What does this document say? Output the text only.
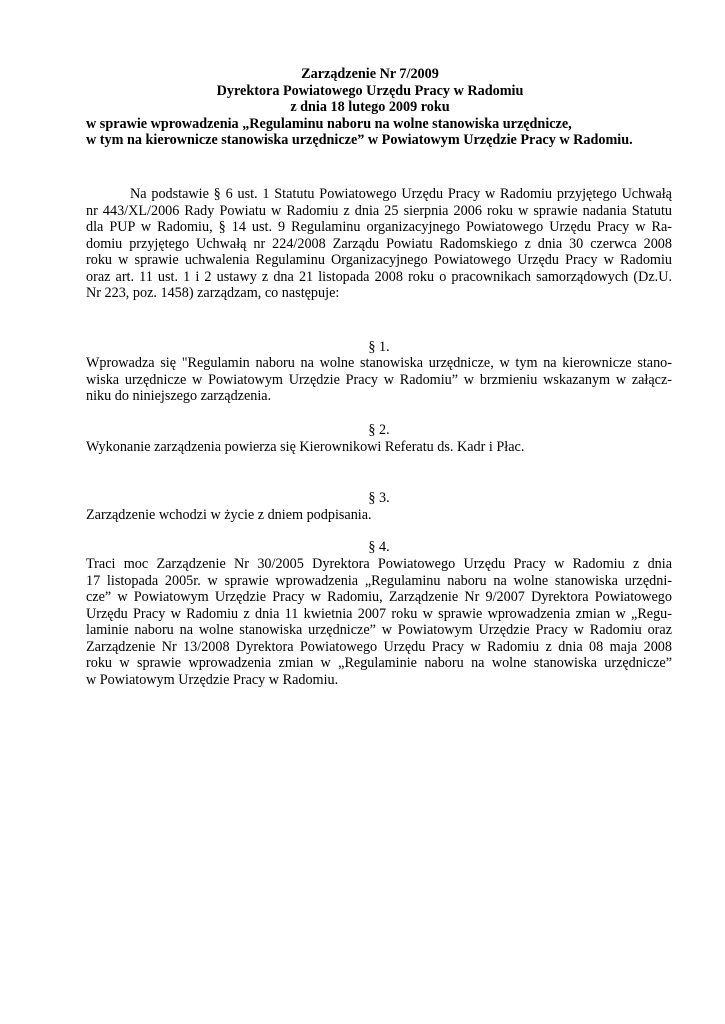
Zarządzenie Nr 7/2009
Dyrektora Powiatowego Urzędu Pracy w Radomiu
z dnia 18 lutego 2009 roku
w sprawie wprowadzenia „Regulaminu naboru na wolne stanowiska urzędnicze,
w tym na kierownicze stanowiska urzędnicze” w Powiatowym Urzędzie Pracy w Radomiu.
Na podstawie § 6 ust. 1 Statutu Powiatowego Urzędu Pracy w Radomiu przyjętego Uchwałą
nr 443/XL/2006 Rady Powiatu w Radomiu z dnia 25 sierpnia 2006 roku w sprawie nadania Statutu
dla PUP w Radomiu, § 14 ust. 9 Regulaminu organizacyjnego Powiatowego Urzędu Pracy w Ra-
domiu przyjętego Uchwałą nr 224/2008 Zarządu Powiatu Radomskiego z dnia 30 czerwca 2008
roku w sprawie uchwalenia Regulaminu Organizacyjnego Powiatowego Urzędu Pracy w Radomiu
oraz art. 11 ust. 1 i 2 ustawy z dna 21 listopada 2008 roku o pracownikach samorządowych (Dz.U.
Nr 223, poz. 1458) zarządzam, co następuje:
§ 1.
Wprowadza się "Regulamin naboru na wolne stanowiska urzędnicze, w tym na kierownicze stano-
wiska urzędnicze w Powiatowym Urzędzie Pracy w Radomiu” w brzmieniu wskazanym w załącz-
niku do niniejszego zarządzenia.
§ 2.
Wykonanie zarządzenia powierza się Kierownikowi Referatu ds. Kadr i Płac.
§ 3.
Zarządzenie wchodzi w życie z dniem podpisania.
§ 4.
Traci moc Zarządzenie Nr 30/2005 Dyrektora Powiatowego Urzędu Pracy w Radomiu z dnia
17 listopada 2005r. w sprawie wprowadzenia „Regulaminu naboru na wolne stanowiska urzędni-
cze” w Powiatowym Urzędzie Pracy w Radomiu, Zarządzenie Nr 9/2007 Dyrektora Powiatowego
Urzędu Pracy w Radomiu z dnia 11 kwietnia 2007 roku w sprawie wprowadzenia zmian w „Regu-
laminie naboru na wolne stanowiska urzędnicze” w Powiatowym Urzędzie Pracy w Radomiu oraz
Zarządzenie Nr 13/2008 Dyrektora Powiatowego Urzędu Pracy w Radomiu z dnia 08 maja 2008
roku w sprawie wprowadzenia zmian w „Regulaminie naboru na wolne stanowiska urzędnicze”
w Powiatowym Urzędzie Pracy w Radomiu.
